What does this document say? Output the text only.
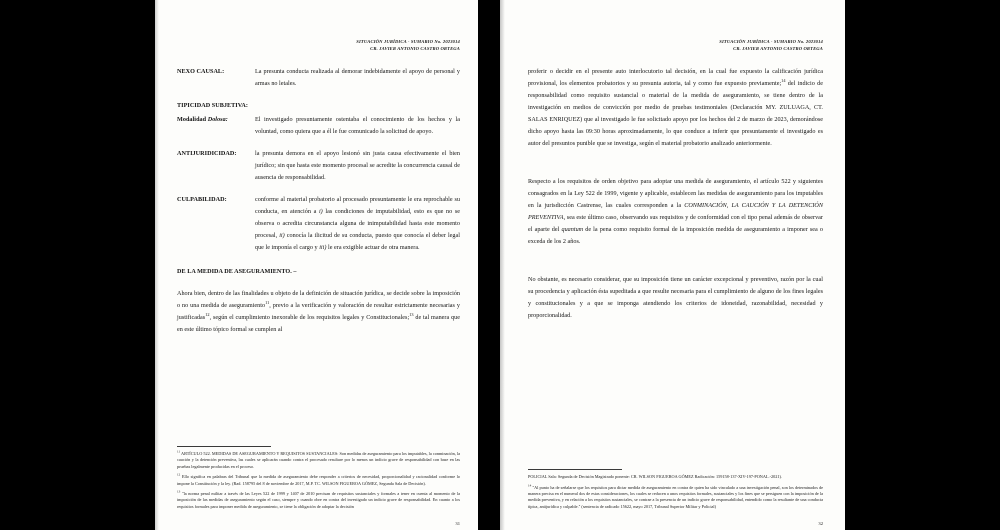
SITUACIÓN JURÍDICA - SUMARIO No. 2023014
CR. JAVIER ANTONIO CASTRO ORTEGA
NEXO CAUSAL:	La presunta conducta realizada al demorar indebidamente el apoyo de personal y armas no letales.
TIPICIDAD SUBJETIVA:
Modalidad Dolosa:	El investigado presuntamente ostentaba el conocimiento de los hechos y la voluntad, como quiera que a él le fue comunicado la solicitud de apoyo.
ANTIJURIDICIDAD:	la presunta demora en el apoyo lesionó sin justa causa efectivamente el bien jurídico; sin que hasta este momento procesal se acredite la concurrencia causal de ausencia de responsabilidad.
CULPABILIDAD:	conforme al material probatorio al procesado presuntamente le era reprochable su conducta, en atención a i) las condiciones de imputabilidad, esto es que no se observa o acredita circunstancia alguna de inimputabilidad hasta este momento procesal, ii) conocía la ilicitud de su conducta, puesto que conocía el deber legal que le imponía el cargo y iii) le era exigible actuar de otra manera.
DE LA MEDIDA DE ASEGURAMIENTO. –

Ahora bien, dentro de las finalidades u objeto de la definición de situación jurídica, se decide sobre la imposición o no una medida de aseguramiento$^{11}$, previo a la verificación y valoración de resultar estrictamente necesarias y justificadas$^{12}$, según el cumplimiento inexorable de los requisitos legales y Constitucionales;$^{13}$ de tal manera que en este último tópico formal se cumplen al

$^{11}$ ARTÍCULO 522. MEDIDAS DE ASEGURAMIENTO Y REQUISITOS SUSTANCIALES: Son medidas de aseguramiento para los imputables, la conminación, la caución y la detención preventiva, las cuales se aplicarán cuando contra el procesado resultare por lo menos un indicio grave de responsabilidad con base en las pruebas legalmente producidas en el proceso.

$^{12}$ Ello significa en palabras del Tribunal que la medida de aseguramiento debe responder a criterios de necesidad, proporcionalidad y racionalidad conforme lo impone la Constitución y la ley. (Rad. 158795 del 8 de noviembre de 2017, M.P. TC. WILSON FIGUEROA GÓMEZ, Segunda Sala de Decisión).

$^{13}$ "la norma penal militar a través de las Leyes 522 de 1999 y 1407 de 2010 precisan de requisitos sustanciales y formales a tener en cuenta al momento de la imposición de las medidas de aseguramiento según el caso, siempre y cuando obre en contra del investigado un indicio grave de responsabilidad. En cuanto a los requisitos formales para imponer medida de aseguramiento, se tiene la obligación de adoptar la decisión

31
SITUACIÓN JURÍDICA - SUMARIO No. 2023014
CR. JAVIER ANTONIO CASTRO ORTEGA

proferir o decidir en el presente auto interlocutorio tal decisión, en la cual fue expuesto la calificación jurídica provisional, los elementos probatorios y su presunta autoria, tal y como fue expuesto previamente;$^{14}$ del indicio de responsabilidad como requisito sustancial o material de la medida de aseguramiento, se tiene dentro de la investigación en medios de convicción por medio de pruebas testimoniales (Declaración MY. ZULUAGA, CT. SALAS ENRIQUEZ) que al investigado le fue solicitado apoyo por los hechos del 2 de marzo de 2023, demorándose dicho apoyo hasta las 09:30 horas aproximadamente, lo que conduce a inferir que presuntamente el investigado es autor del presuntos punible que se investiga, según el material probatorio analizado anteriormente.

Respecto a los requisitos de orden objetivo para adoptar una medida de aseguramiento, el artículo 522 y siguientes consagrados en la Ley 522 de 1999, vigente y aplicable, establecen las medidas de aseguramiento para los imputables en la jurisdicción Castrense, las cuales corresponden a la CONMINACIÓN, LA CAUCIÓN Y LA DETENCIÓN PREVENTIVA, sea este último caso, observando sus requisitos y de conformidad con el tipo penal además de observar el aparte del quantum de la pena como requisito formal de la imposición medida de aseguramiento a imponer sea o exceda de los 2 años.

No obstante, es necesario considerar, que su imposición tiene un carácter excepcional y preventivo, razón por la cual su procedencia y aplicación ésta supeditada a que resulte necesaria para el cumplimiento de alguno de los fines legales y constitucionales y a que se imponga atendiendo los criterios de idoneidad, razonabilidad, necesidad y proporcionalidad.

POLICIAL Sala: Segunda de Decisión Magistrado ponente: CR. WILSON FIGUEROA GÓMEZ Radicación: 159158-137-XIV-197-PONAL.-2021).

$^{14}$ "Al punto ha de señalarse que los requisitos para dictar medida de aseguramiento en contra de quien ha sido vinculado a una investigación penal, son los determinados de manera precisa en el numeral dos de estas consideraciones, los cuales se reducen a unos requisitos formales, sustanciales y los fines que se persiguen con la imposición de la medida preventiva, y en relación a los requisitos sustanciales, se contrae a la presencia de un indicio grave de responsabilidad, entendido como la resultante de una conducta típica, antijurídica y culpable." (sentencia de radicado 15622, mayo 2017, Tribunal Superior Militar y Policial)

32
